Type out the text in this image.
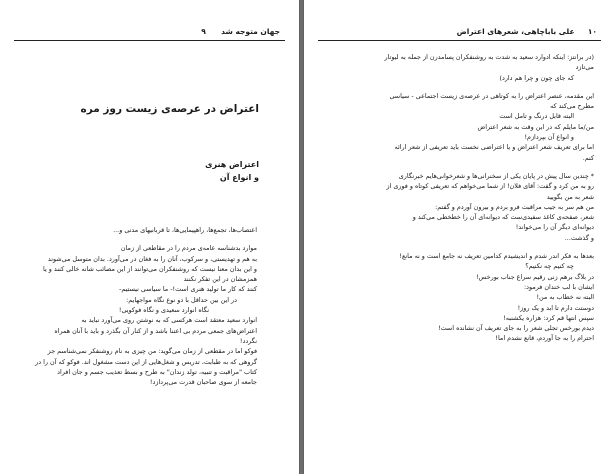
جهان متوجه شد  ۹
اعتراض در عرصه‌ی زیست روز مره
اعتراض هنری
و انواع آن

اعتصاب‌ها، تجمع‌ها، راهپیمایی‌ها، تا قربانیهای مدنی و...

موارد بدشناسه عامه‌ی مردم را در مقاطعی از زمان

به هم و تهدیستی، و سرکوب، آنان را به فغان در می‌آورد. بدان متوسل می‌شوند

و این بدان معنا نیست که روشنفکران می‌توانند از این مصائب شانه خالی کنند و یا

همزمشان در این تفکر نکنند

کنند که کار ما تولید هنری است!- ما سیاسی نیستیم-

در این بین حداقل با دو نوع نگاه مواجهایم:

نگاه انوارد سعیدی و نگاه فوکویی!

انوارد سعید معتقد است هرکسی که به نوشتن روی می‌آورد نباید به

اعتراض‌های جمعی مردم بی اعتنا باشد و از کنار آن بگذرد و باید با آنان همراه

نگردد!

فوکو اما در مقطعی از زمان می‌گوید: من چیزی به نام روشنفکر نمی‌شناسم جز

گروهی که به طبابت، تدریس و شغل‌هایی از این دست مشغول اند. فوکو که آن را در

کتاب "مراقبت و تنبیه، تولد زندان" به طرح و بسط تعذیب جسم و جان افراد

جامعه از سوی صاحبان قدرت می‌پردازد!

۱۰  علی باباچاهی، شعرهای اعتراض

(در برانتز: اینکه ادوارد سعید به شدت به روشنفکران پسامدرن از جمله به لیوتار

می‌تازد

که جای چون و چرا هم دارد)

این مقدمه، عنصر اعتراض را به کوتاهی در عرصه‌ی زیست اجتماعی - سیاسی

مطرح می‌کند که

البته قابل درنگ و تامل است

من/ما مایلم که در این وقت به شعر اعتراض

و انواع آن بپردازم!

اما برای تعریف شعر اعتراض و یا اعتراضی نخست باید تعریفی از شعر ارائه

کنم.

* چندین سال پیش در پایان یکی از سخنرانی‌ها و شعرخوانی‌هایم خبرنگاری

رو به من کرد و گفت: آقای فلان! از شما می‌خواهم که تعریفی کوتاه و فوری از

شعر به من بگویید

من هم سر به جیب مراقبت فرو بردم و بیرون آوردم و گفتم:

شعر، صفحه‌ی کاغذ سفیدی‌ست که دیوانه‌ای آن را خطخطی می‌کند و

دیوانه‌ای دیگر آن را می‌خواند!

و گذشت...

بعدها به فکر اندر شدم و اندیشیدم کدامین تعریف نه جامع است و نه مانع!

چه کنیم چه نکنیم؟

در بلاگ برهم زنی رقیم سراغ جناب بورخس!

ایشان با لب خندان فرمود:

البته نه خطاب به من!

دوستت دارم تا ابد و یک روز!

سپس انتها قم کرد: هزاره یکشنبه!

دیدم بورخس تجلی شعر را به جای تعریف آن نشانده است!

احترام را به جا آوردم، قانع نشدم اما!
